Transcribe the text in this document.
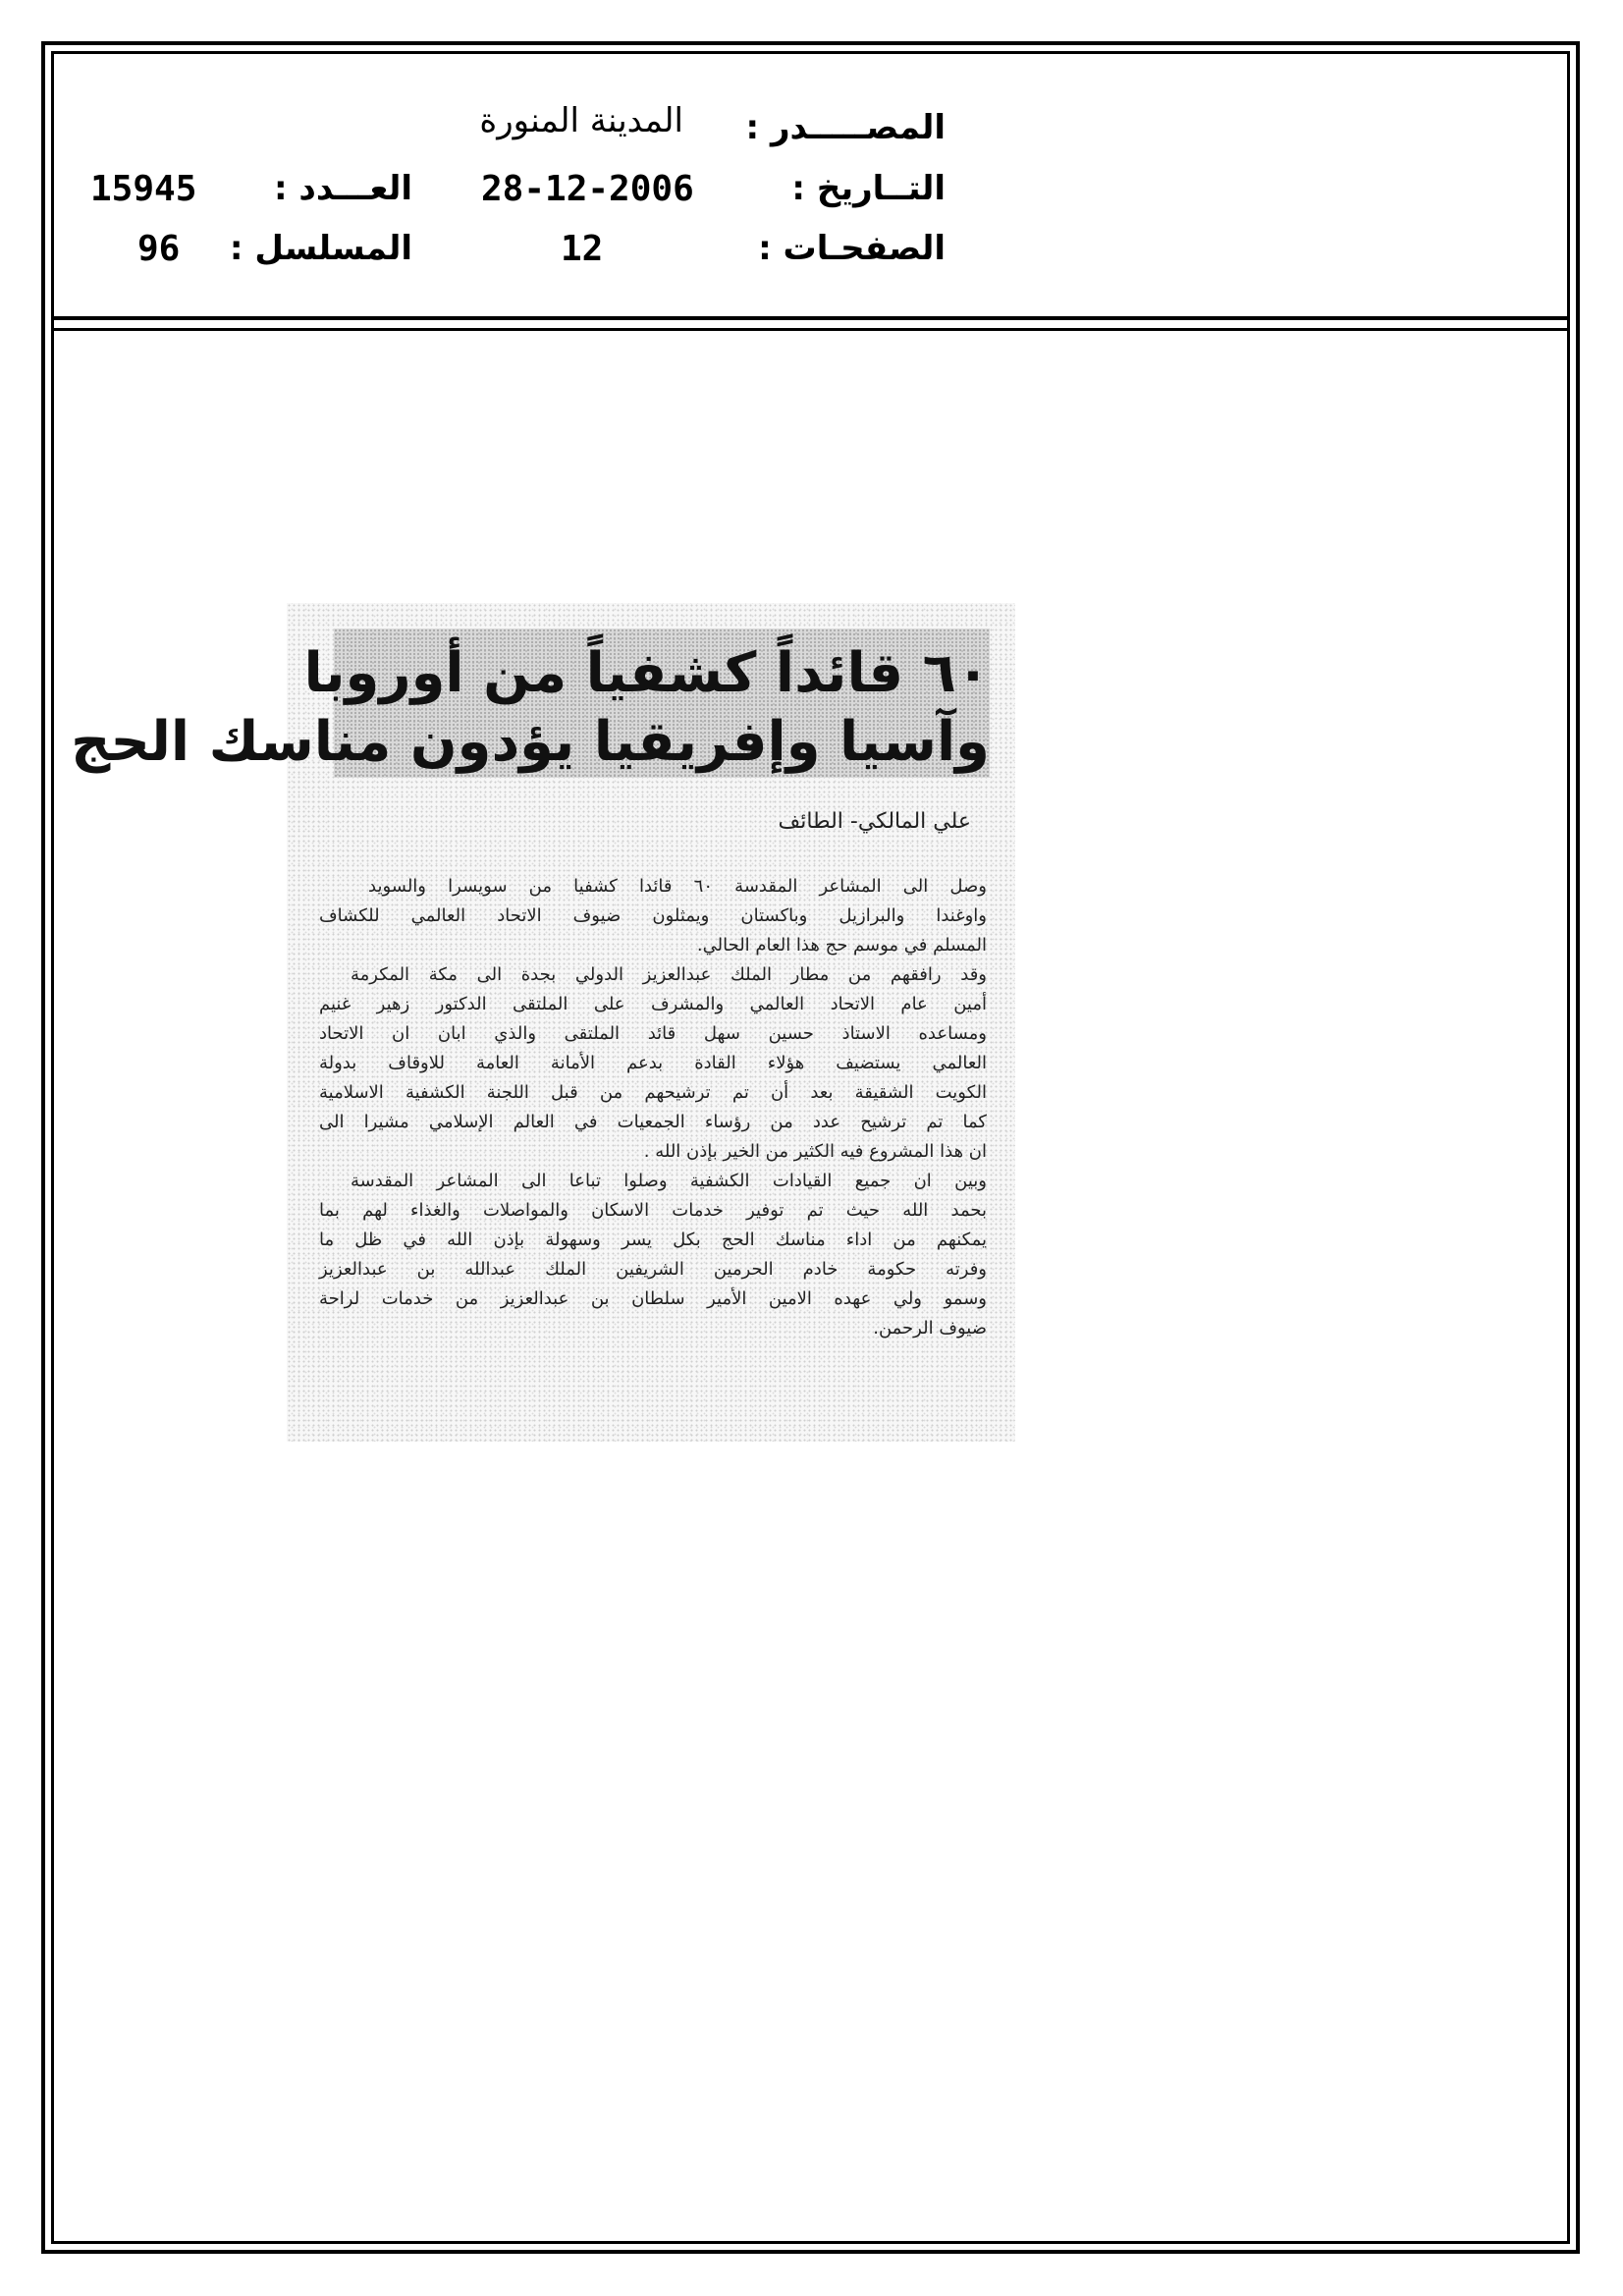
المصـــــدر :
المدينة المنورة
التــاريخ :
28-12-2006
العـــدد :
15945
الصفحـات :
12
المسلسل :
96
٦٠ قائداً كشفياً من أوروبا
وآسيا وإفريقيا يؤدون مناسك الحج
علي المالكي- الطائف
وصل الى المشاعر المقدسة ٦٠ قائدا كشفيا من سويسرا والسويد
واوغندا والبرازيل وباكستان ويمثلون ضيوف الاتحاد العالمي للكشاف
المسلم في موسم حج هذا العام الحالي.
وقد رافقهم من مطار الملك عبدالعزيز الدولي بجدة الى مكة المكرمة
أمين عام الاتحاد العالمي والمشرف على الملتقى الدكتور زهير غنيم
ومساعده الاستاذ حسين سهل قائد الملتقى والذي ابان ان الاتحاد
العالمي يستضيف هؤلاء القادة بدعم الأمانة العامة للاوقاف بدولة
الكويت الشقيقة بعد أن تم ترشيحهم من قبل اللجنة الكشفية الاسلامية
كما تم ترشيح عدد من رؤساء الجمعيات في العالم الإسلامي مشيرا الى
ان هذا المشروع فيه الكثير من الخير بإذن الله .
وبين ان جميع القيادات الكشفية وصلوا تباعا الى المشاعر المقدسة
بحمد الله حيث تم توفير خدمات الاسكان والمواصلات والغذاء لهم بما
يمكنهم من اداء مناسك الحج بكل يسر وسهولة بإذن الله في ظل ما
وفرته حكومة خادم الحرمين الشريفين الملك عبدالله بن عبدالعزيز
وسمو ولي عهده الامين الأمير سلطان بن عبدالعزيز من خدمات لراحة
ضيوف الرحمن.
